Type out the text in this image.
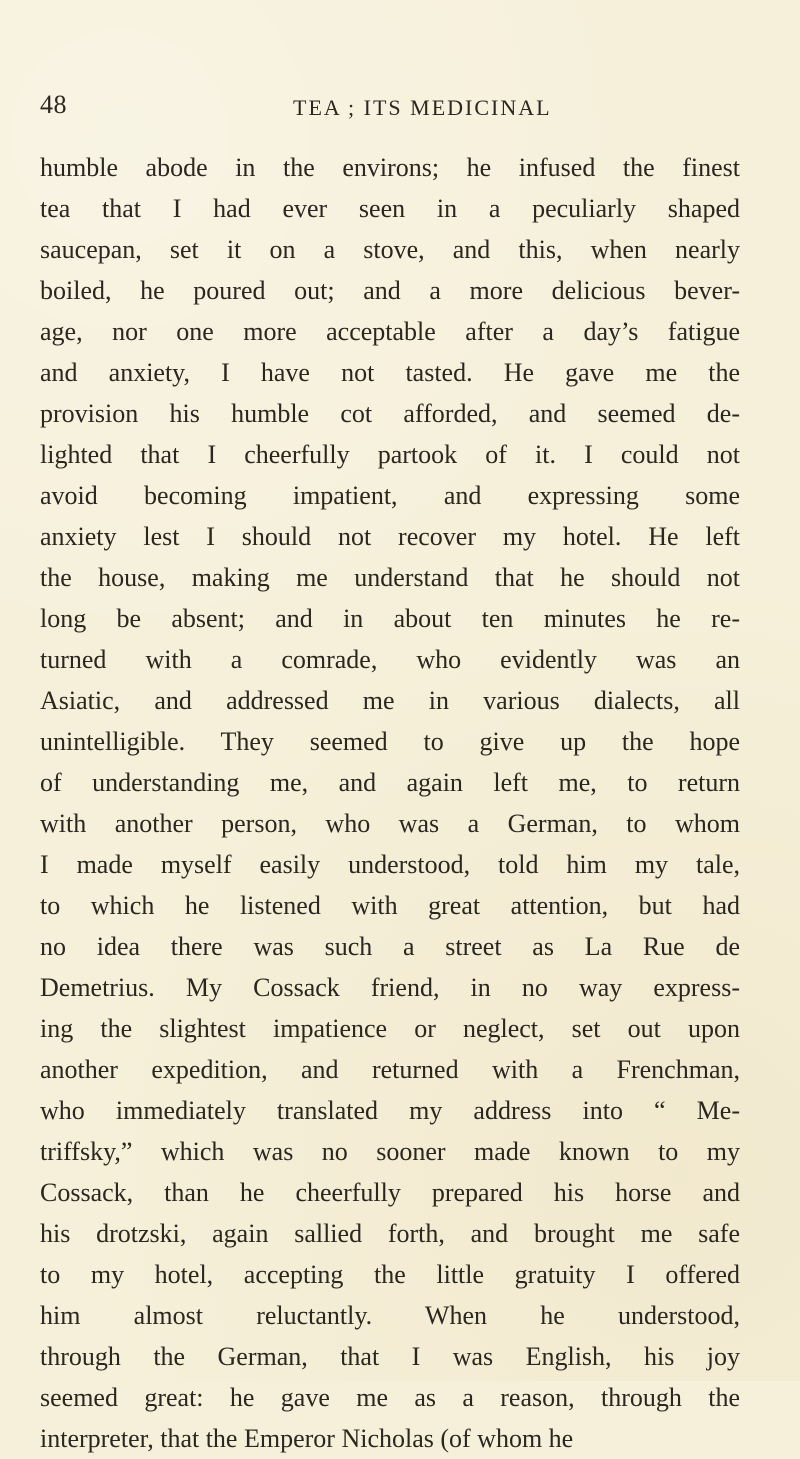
48	TEA ; ITS MEDICINAL
humble abode in the environs; he infused the finest
tea that I had ever seen in a peculiarly shaped
saucepan, set it on a stove, and this, when nearly
boiled, he poured out; and a more delicious bever-
age, nor one more acceptable after a day’s fatigue
and anxiety, I have not tasted. He gave me the
provision his humble cot afforded, and seemed de-
lighted that I cheerfully partook of it. I could not
avoid becoming impatient, and expressing some
anxiety lest I should not recover my hotel. He left
the house, making me understand that he should not
long be absent; and in about ten minutes he re-
turned with a comrade, who evidently was an
Asiatic, and addressed me in various dialects, all
unintelligible. They seemed to give up the hope
of understanding me, and again left me, to return
with another person, who was a German, to whom
I made myself easily understood, told him my tale,
to which he listened with great attention, but had
no idea there was such a street as La Rue de
Demetrius. My Cossack friend, in no way express-
ing the slightest impatience or neglect, set out upon
another expedition, and returned with a Frenchman,
who immediately translated my address into “ Me-
triffsky,” which was no sooner made known to my
Cossack, than he cheerfully prepared his horse and
his drotzski, again sallied forth, and brought me safe
to my hotel, accepting the little gratuity I offered
him almost reluctantly. When he understood,
through the German, that I was English, his joy
seemed great: he gave me as a reason, through the
interpreter, that the Emperor Nicholas (of whom he
